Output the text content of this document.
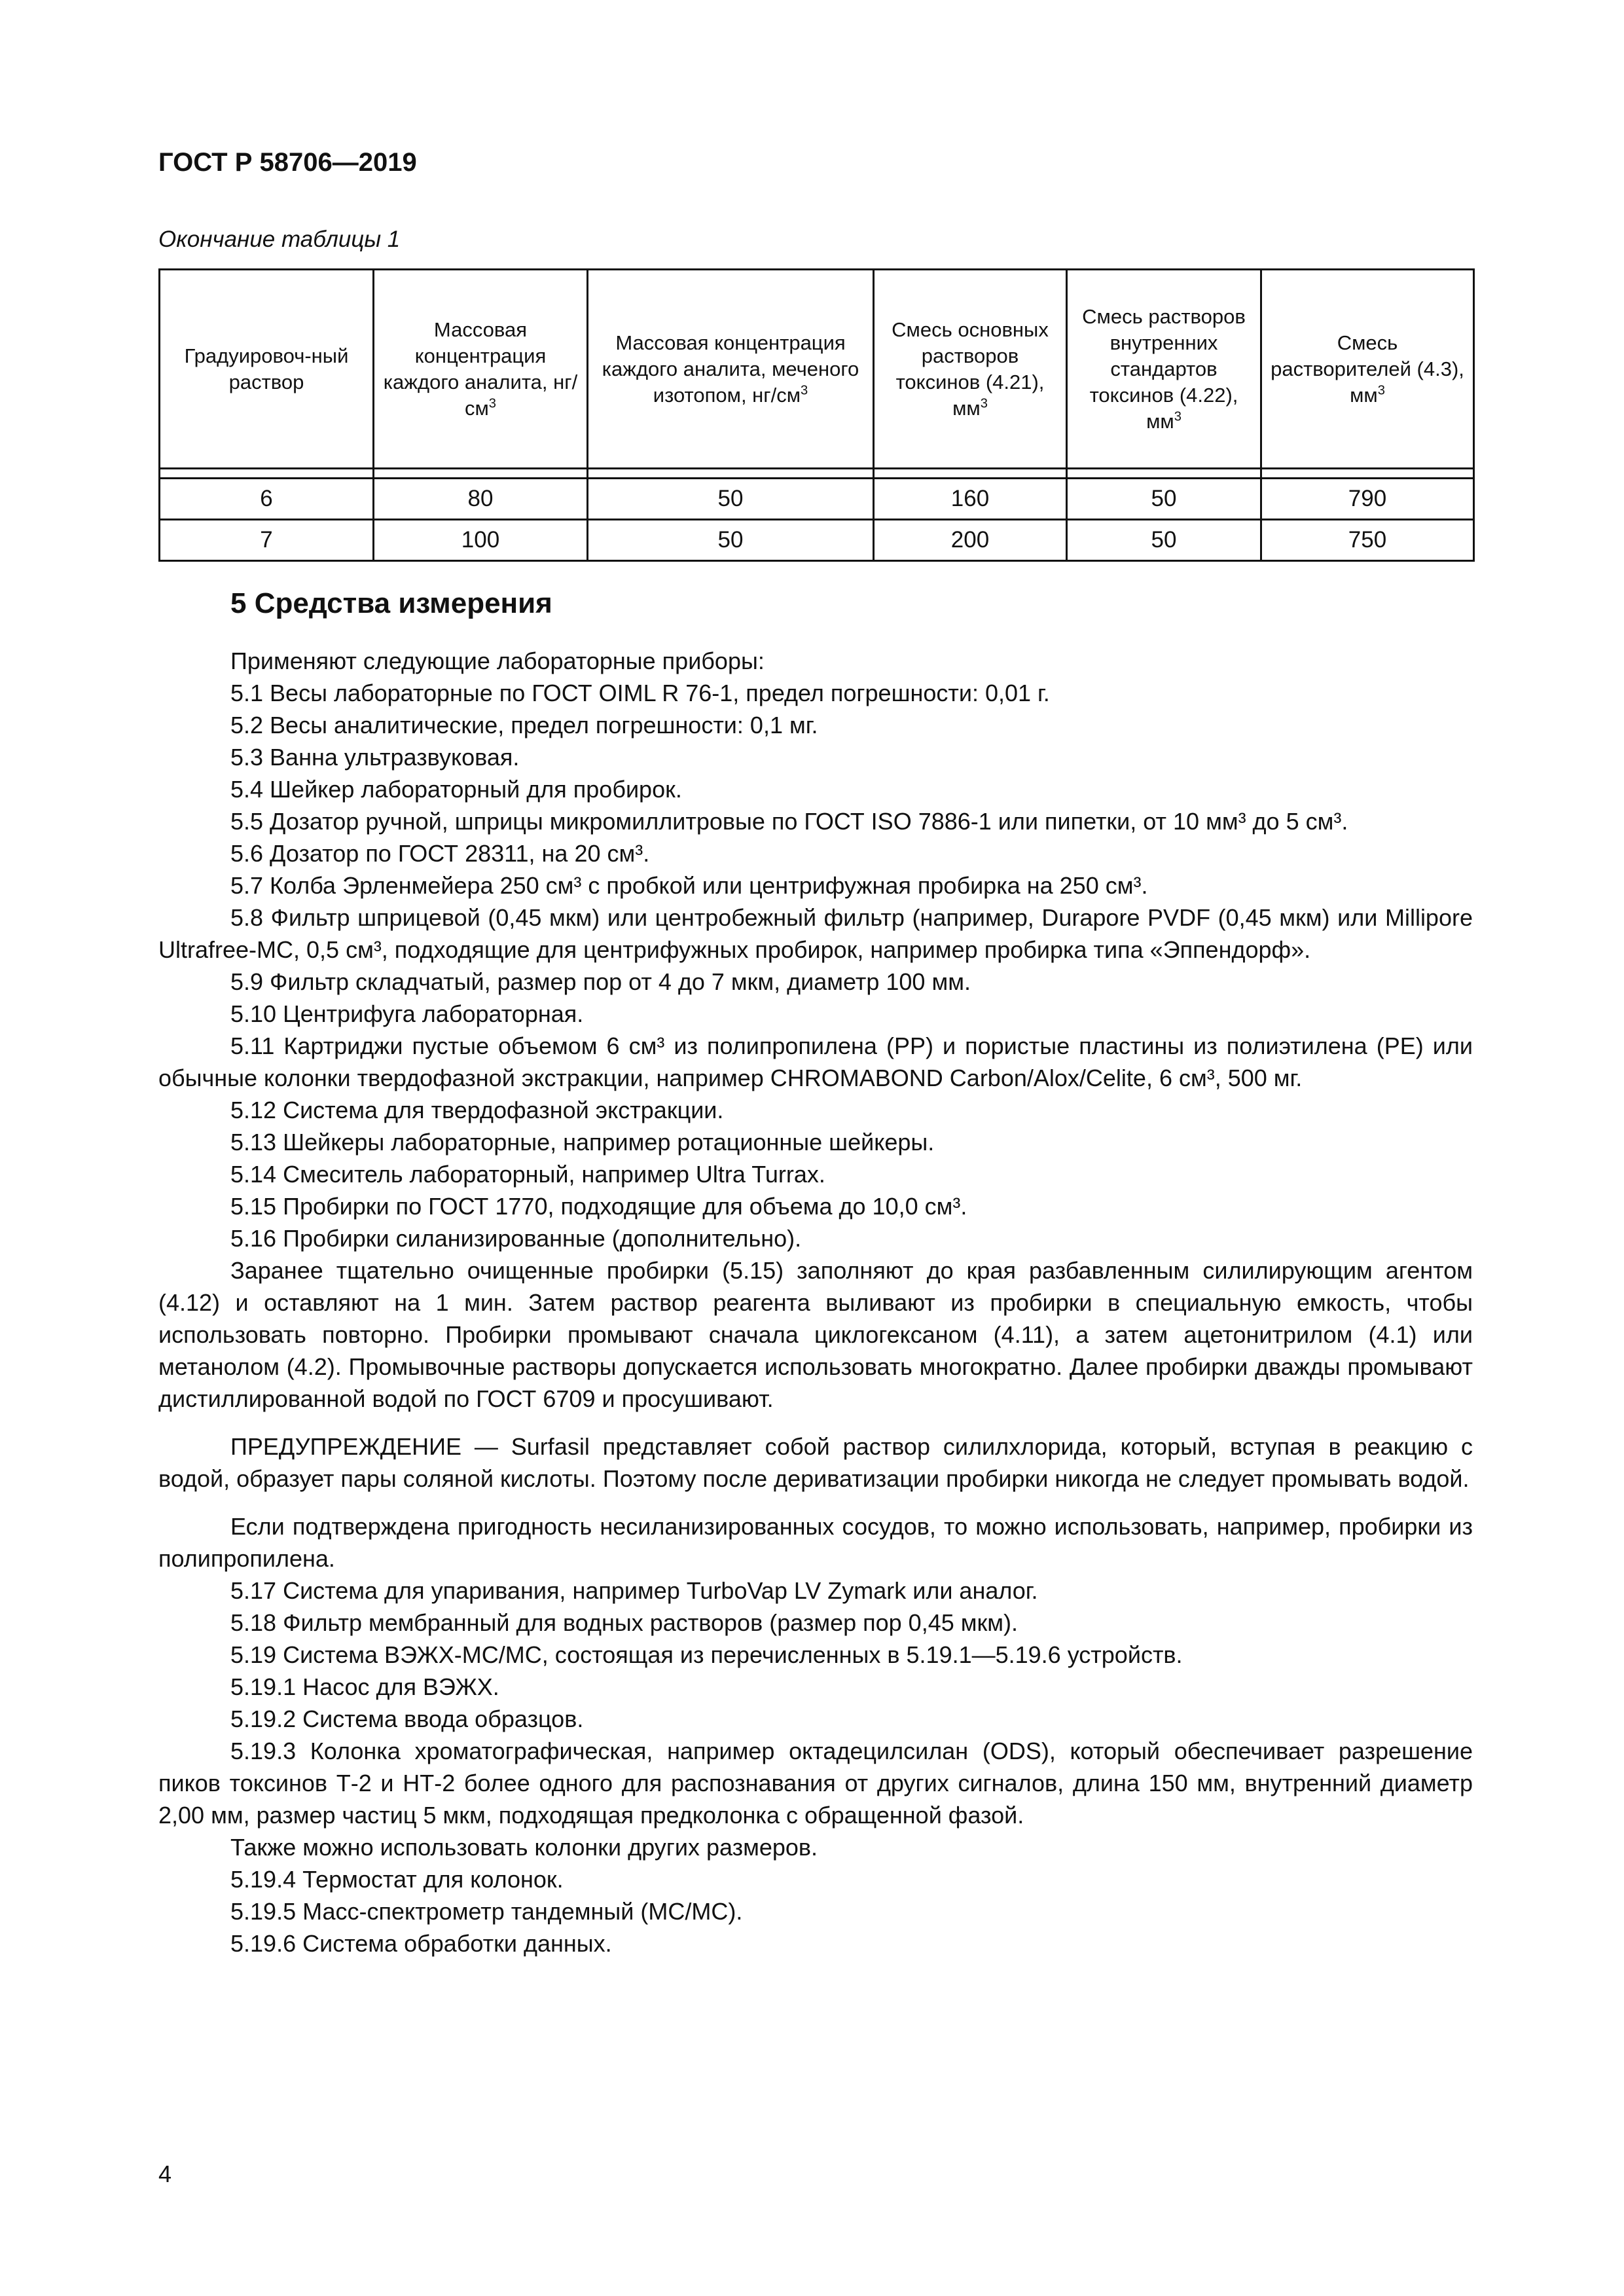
ГОСТ Р 58706—2019
Окончание таблицы 1
Градуировоч-ный раствор	Массовая концентрация каждого аналита, $нг/см^3$	Массовая концентрация каждого аналита, меченого изотопом, $нг/см^3$	Смесь основных растворов токсинов (4.21), $мм^3$	Смесь растворов внутренних стандартов токсинов (4.22), $мм^3$	Смесь растворителей (4.3), $мм^3$

6	80	50	160	50	790
7	100	50	200	50	750
5 Средства измерения

Применяют следующие лабораторные приборы:

5.1 Весы лабораторные по ГОСТ OIML R 76-1, предел погрешности: 0,01 г.

5.2 Весы аналитические, предел погрешности: 0,1 мг.

5.3 Ванна ультразвуковая.

5.4 Шейкер лабораторный для пробирок.

5.5 Дозатор ручной, шприцы микромиллитровые по ГОСТ ISO 7886-1 или пипетки, от 10 мм³ до 5 см³.

5.6 Дозатор по ГОСТ 28311, на 20 см³.

5.7 Колба Эрленмейера 250 см³ с пробкой или центрифужная пробирка на 250 см³.

5.8 Фильтр шприцевой (0,45 мкм) или центробежный фильтр (например, Durapore PVDF (0,45 мкм) или Millipore Ultrafree-МС, 0,5 см³, подходящие для центрифужных пробирок, например пробирка типа «Эппендорф».

5.9 Фильтр складчатый, размер пор от 4 до 7 мкм, диаметр 100 мм.

5.10 Центрифуга лабораторная.

5.11 Картриджи пустые объемом 6 см³ из полипропилена (РР) и пористые пластины из полиэтилена (РЕ) или обычные колонки твердофазной экстракции, например CHROMABOND Carbon/Alox/Celite, 6 см³, 500 мг.

5.12 Система для твердофазной экстракции.

5.13 Шейкеры лабораторные, например ротационные шейкеры.

5.14 Смеситель лабораторный, например Ultra Turrax.

5.15 Пробирки по ГОСТ 1770, подходящие для объема до 10,0 см³.

5.16 Пробирки силанизированные (дополнительно).

Заранее тщательно очищенные пробирки (5.15) заполняют до края разбавленным силилирующим агентом (4.12) и оставляют на 1 мин. Затем раствор реагента выливают из пробирки в специальную емкость, чтобы использовать повторно. Пробирки промывают сначала циклогексаном (4.11), а затем ацетонитрилом (4.1) или метанолом (4.2). Промывочные растворы допускается использовать многократно. Далее пробирки дважды промывают дистиллированной водой по ГОСТ 6709 и просушивают.

ПРЕДУПРЕЖДЕНИЕ — Surfasil представляет собой раствор силилхлорида, который, вступая в реакцию с водой, образует пары соляной кислоты. Поэтому после дериватизации пробирки никогда не следует промывать водой.

Если подтверждена пригодность несиланизированных сосудов, то можно использовать, например, пробирки из полипропилена.

5.17 Система для упаривания, например TurboVap LV Zymark или аналог.

5.18 Фильтр мембранный для водных растворов (размер пор 0,45 мкм).

5.19 Система ВЭЖХ-МС/МС, состоящая из перечисленных в 5.19.1—5.19.6 устройств.

5.19.1 Насос для ВЭЖХ.

5.19.2 Система ввода образцов.

5.19.3 Колонка хроматографическая, например октадецилсилан (ODS), который обеспечивает разрешение пиков токсинов Т-2 и НТ-2 более одного для распознавания от других сигналов, длина 150 мм, внутренний диаметр 2,00 мм, размер частиц 5 мкм, подходящая предколонка с обращенной фазой.

Также можно использовать колонки других размеров.

5.19.4 Термостат для колонок.

5.19.5 Масс-спектрометр тандемный (МС/МС).

5.19.6 Система обработки данных.

4
